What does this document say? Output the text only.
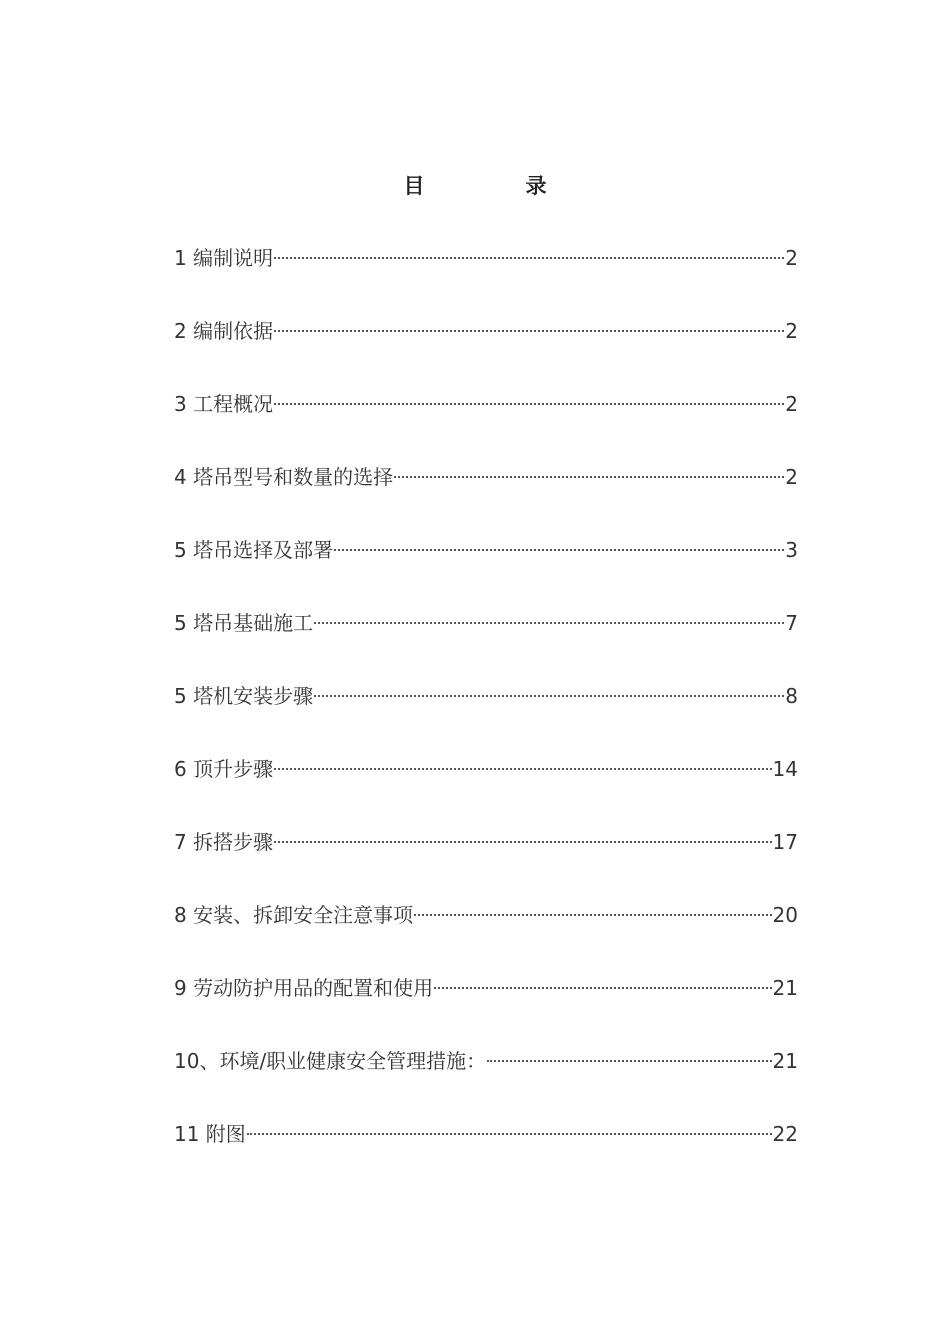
目　录
1 编制说明	2
2 编制依据	2
3 工程概况	2
4 塔吊型号和数量的选择	2
5 塔吊选择及部署	3
5 塔吊基础施工	7
5 塔机安装步骤	8
6 顶升步骤	14
7 拆搭步骤	17
8 安装、拆卸安全注意事项	20
9 劳动防护用品的配置和使用	21
10、环境/职业健康安全管理措施：	21
11 附图	22
